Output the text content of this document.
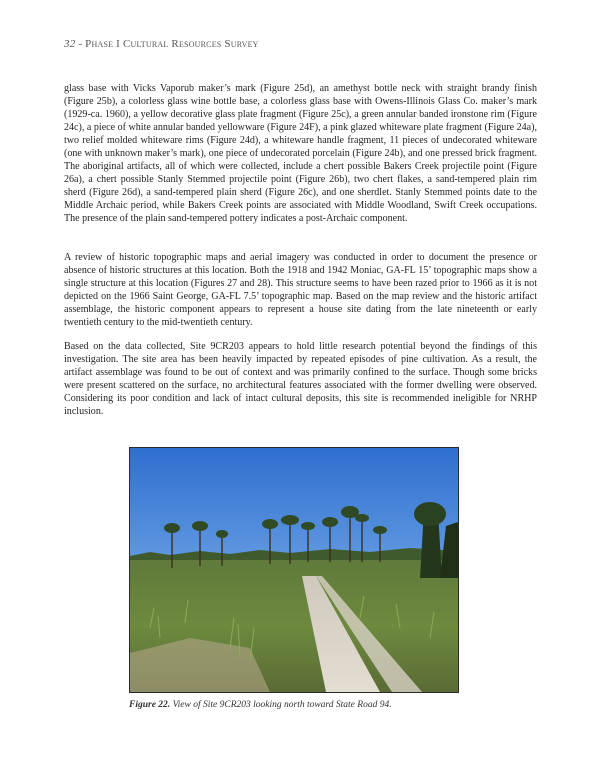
32 - Phase I Cultural Resources Survey

glass base with Vicks Vaporub maker’s mark (Figure 25d), an amethyst bottle neck with straight brandy finish (Figure 25b), a colorless glass wine bottle base, a colorless glass base with Owens-Illinois Glass Co. maker’s mark (1929-ca. 1960), a yellow decorative glass plate fragment (Figure 25c), a green annular banded ironstone rim (Figure 24c), a piece of white annular banded yellowware (Figure 24F), a pink glazed whiteware plate fragment (Figure 24a), two relief molded whiteware rims (Figure 24d), a whiteware handle fragment, 11 pieces of undecorated whiteware (one with unknown maker’s mark), one piece of undecorated porcelain (Figure 24b), and one pressed brick fragment. The aboriginal artifacts, all of which were collected, include a chert possible Bakers Creek projectile point (Figure 26a), a chert possible Stanly Stemmed projectile point (Figure 26b), two chert flakes, a sand-tempered plain rim sherd (Figure 26d), a sand-tempered plain sherd (Figure 26c), and one sherdlet. Stanly Stemmed points date to the Middle Archaic period, while Bakers Creek points are associated with Middle Woodland, Swift Creek occupations. The presence of the plain sand-tempered pottery indicates a post-Archaic component.

A review of historic topographic maps and aerial imagery was conducted in order to document the presence or absence of historic structures at this location. Both the 1918 and 1942 Moniac, GA-FL 15’ topographic maps show a single structure at this location (Figures 27 and 28). This structure seems to have been razed prior to 1966 as it is not depicted on the 1966 Saint George, GA-FL 7.5’ topographic map. Based on the map review and the historic artifact assemblage, the historic component appears to represent a house site dating from the late nineteenth or early twentieth century to the mid-twentieth century.

Based on the data collected, Site 9CR203 appears to hold little research potential beyond the findings of this investigation. The site area has been heavily impacted by repeated episodes of pine cultivation. As a result, the artifact assemblage was found to be out of context and was primarily confined to the surface. Though some bricks were present scattered on the surface, no architectural features associated with the former dwelling were observed. Considering its poor condition and lack of intact cultural deposits, this site is recommended ineligible for NRHP inclusion.

Figure 22. View of Site 9CR203 looking north toward State Road 94.
